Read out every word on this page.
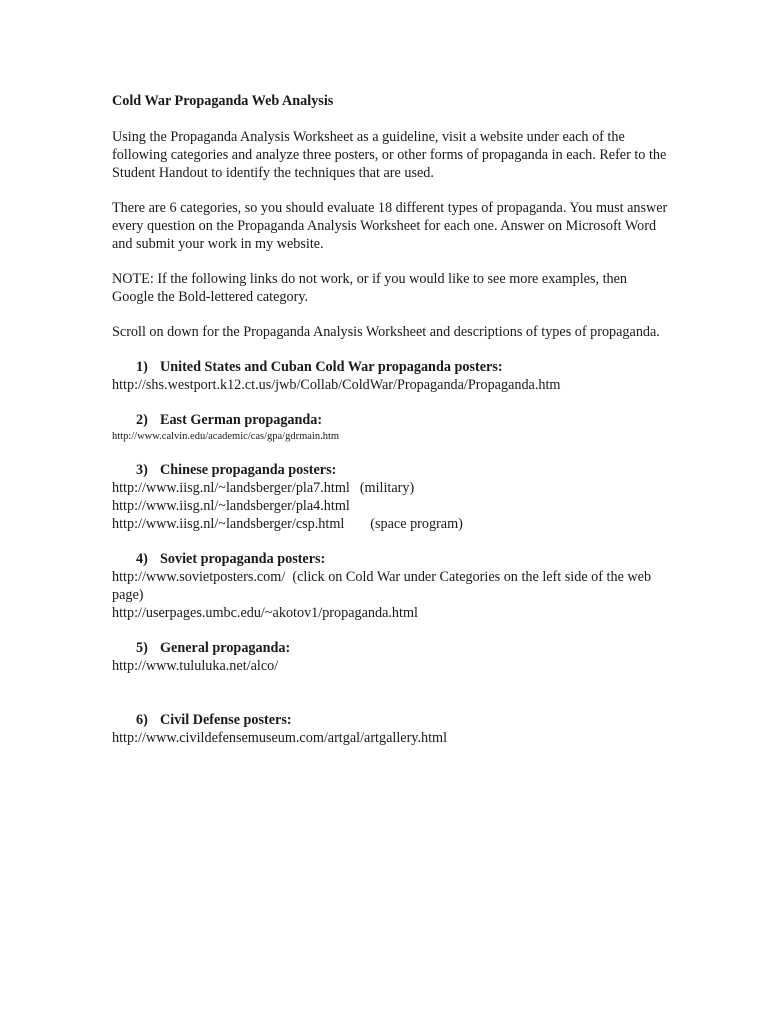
Cold War Propaganda Web Analysis

Using the Propaganda Analysis Worksheet as a guideline, visit a website under each of the following categories and analyze three posters, or other forms of propaganda in each. Refer to the Student Handout to identify the techniques that are used.

There are 6 categories, so you should evaluate 18 different types of propaganda. You must answer every question on the Propaganda Analysis Worksheet for each one. Answer on Microsoft Word and submit your work in my website.

NOTE: If the following links do not work, or if you would like to see more examples, then Google the Bold-lettered category.

Scroll on down for the Propaganda Analysis Worksheet and descriptions of types of propaganda.

1) United States and Cuban Cold War propaganda posters:

http://shs.westport.k12.ct.us/jwb/Collab/ColdWar/Propaganda/Propaganda.htm

2) East German propaganda:

http://www.calvin.edu/academic/cas/gpa/gdrmain.htm

3) Chinese propaganda posters:

http://www.iisg.nl/~landsberger/pla7.html (military)

http://www.iisg.nl/~landsberger/pla4.html

http://www.iisg.nl/~landsberger/csp.html (space program)

4) Soviet propaganda posters:

http://www.sovietposters.com/ (click on Cold War under Categories on the left side of the web page)

http://userpages.umbc.edu/~akotov1/propaganda.html

5) General propaganda:

http://www.tululuka.net/alco/

6) Civil Defense posters:

http://www.civildefensemuseum.com/artgal/artgallery.html
